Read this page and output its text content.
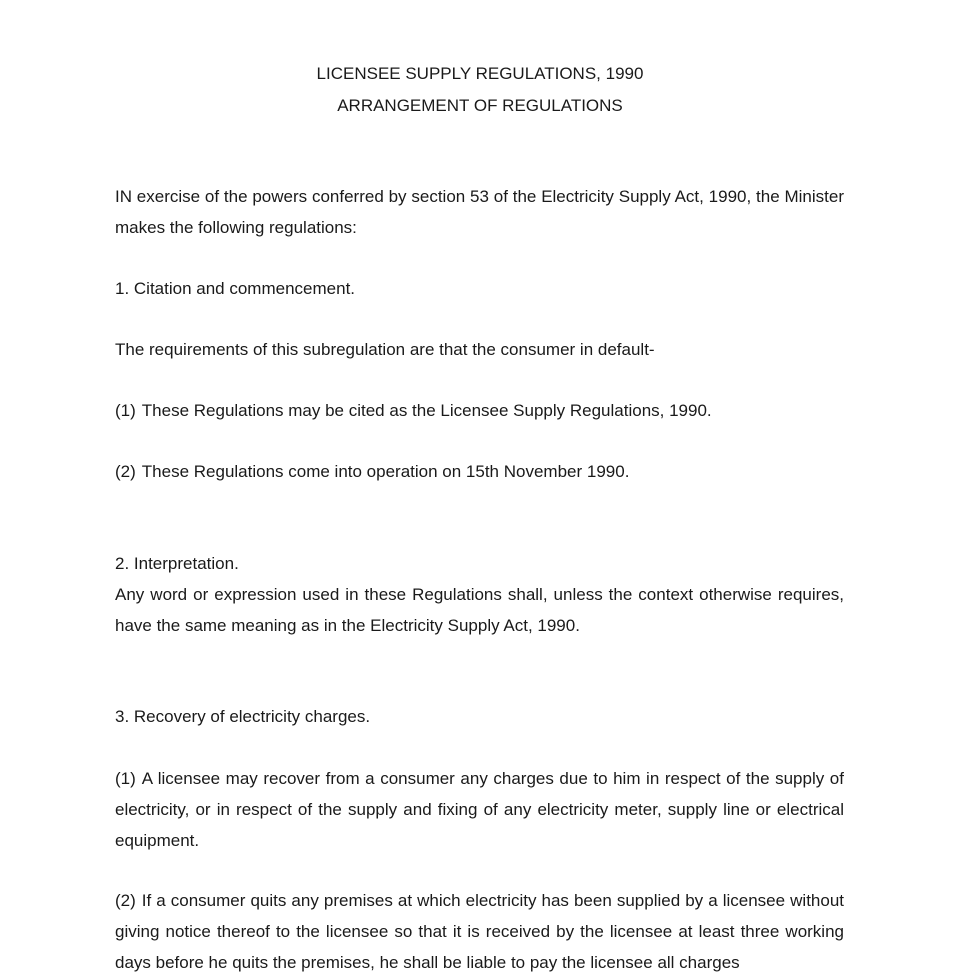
LICENSEE SUPPLY REGULATIONS, 1990
ARRANGEMENT OF REGULATIONS
IN exercise of the powers conferred by section 53 of the Electricity Supply Act, 1990, the Minister makes the following regulations:
1. Citation and commencement.
The requirements of this subregulation are that the consumer in default-
(1) These Regulations may be cited as the Licensee Supply Regulations, 1990.
(2) These Regulations come into operation on 15th November 1990.
2. Interpretation.
Any word or expression used in these Regulations shall, unless the context otherwise requires, have the same meaning as in the Electricity Supply Act, 1990.
3. Recovery of electricity charges.
(1) A licensee may recover from a consumer any charges due to him in respect of the supply of electricity, or in respect of the supply and fixing of any electricity meter, supply line or electrical equipment.
(2) If a consumer quits any premises at which electricity has been supplied by a licensee without giving notice thereof to the licensee so that it is received by the licensee at least three working days before he quits the premises, he shall be liable to pay the licensee all charges
